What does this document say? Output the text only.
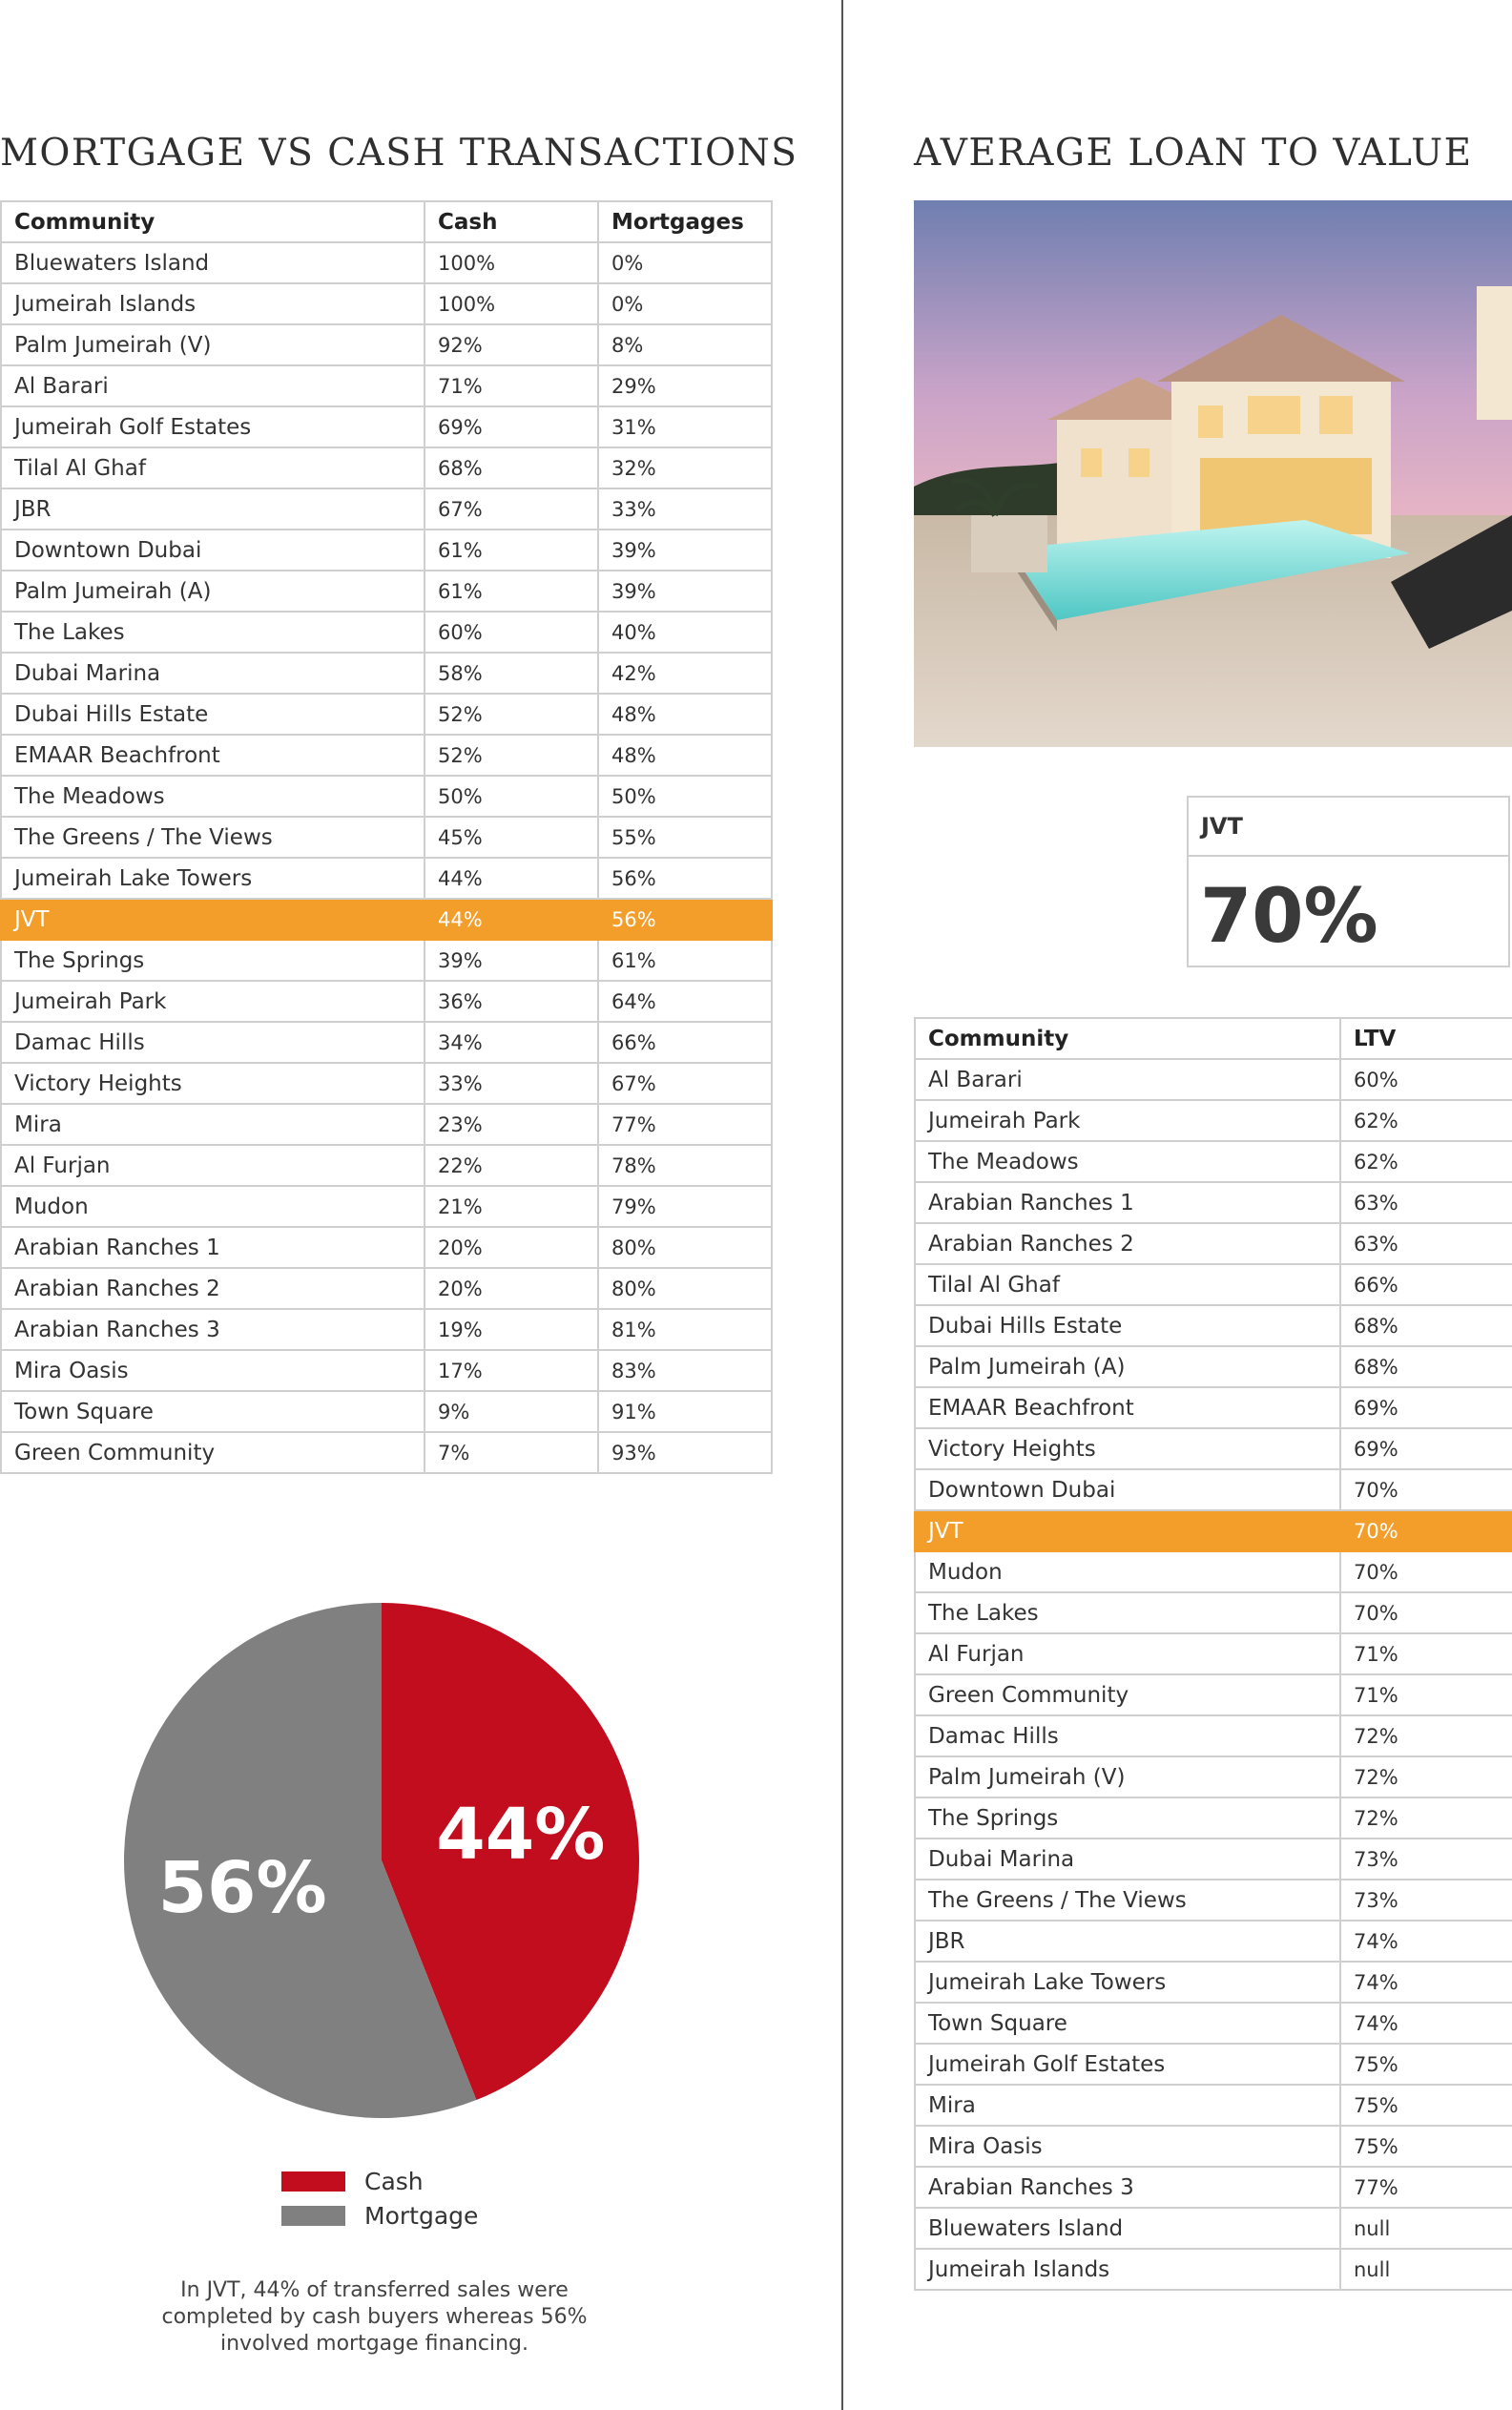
MORTGAGE VS CASH TRANSACTIONS	AVERAGE LOAN TO VALUE
Community	Cash	Mortgages
Bluewaters Island	100%	0%
Jumeirah Islands	100%	0%
Palm Jumeirah (V)	92%	8%
Al Barari	71%	29%
Jumeirah Golf Estates	69%	31%
Tilal Al Ghaf	68%	32%
JBR	67%	33%
Downtown Dubai	61%	39%
Palm Jumeirah (A)	61%	39%
The Lakes	60%	40%
Dubai Marina	58%	42%
Dubai Hills Estate	52%	48%
EMAAR Beachfront	52%	48%
The Meadows	50%	50%
The Greens / The Views	45%	55%
Jumeirah Lake Towers	44%	56%
JVT	44%	56%
The Springs	39%	61%
Jumeirah Park	36%	64%
Damac Hills	34%	66%
Victory Heights	33%	67%
Mira	23%	77%
Al Furjan	22%	78%
Mudon	21%	79%
Arabian Ranches 1	20%	80%
Arabian Ranches 2	20%	80%
Arabian Ranches 3	19%	81%
Mira Oasis	17%	83%
Town Square	9%	91%
Green Community	7%	93%
JVT
70%
Community	LTV
Al Barari	60%
Jumeirah Park	62%
The Meadows	62%
Arabian Ranches 1	63%
Arabian Ranches 2	63%
Tilal Al Ghaf	66%
Dubai Hills Estate	68%
Palm Jumeirah (A)	68%
EMAAR Beachfront	69%
Victory Heights	69%
Downtown Dubai	70%
JVT	70%
Mudon	70%
The Lakes	70%
Al Furjan	71%
Green Community	71%
Damac Hills	72%
Palm Jumeirah (V)	72%
The Springs	72%
Dubai Marina	73%
The Greens / The Views	73%
JBR	74%
Jumeirah Lake Towers	74%
Town Square	74%
Jumeirah Golf Estates	75%
Mira	75%
Mira Oasis	75%
Arabian Ranches 3	77%
Bluewaters Island	null
Jumeirah Islands	null
44%
56%
Cash
Mortgage
In JVT, 44% of transferred sales were
completed by cash buyers whereas 56%
involved mortgage financing.
